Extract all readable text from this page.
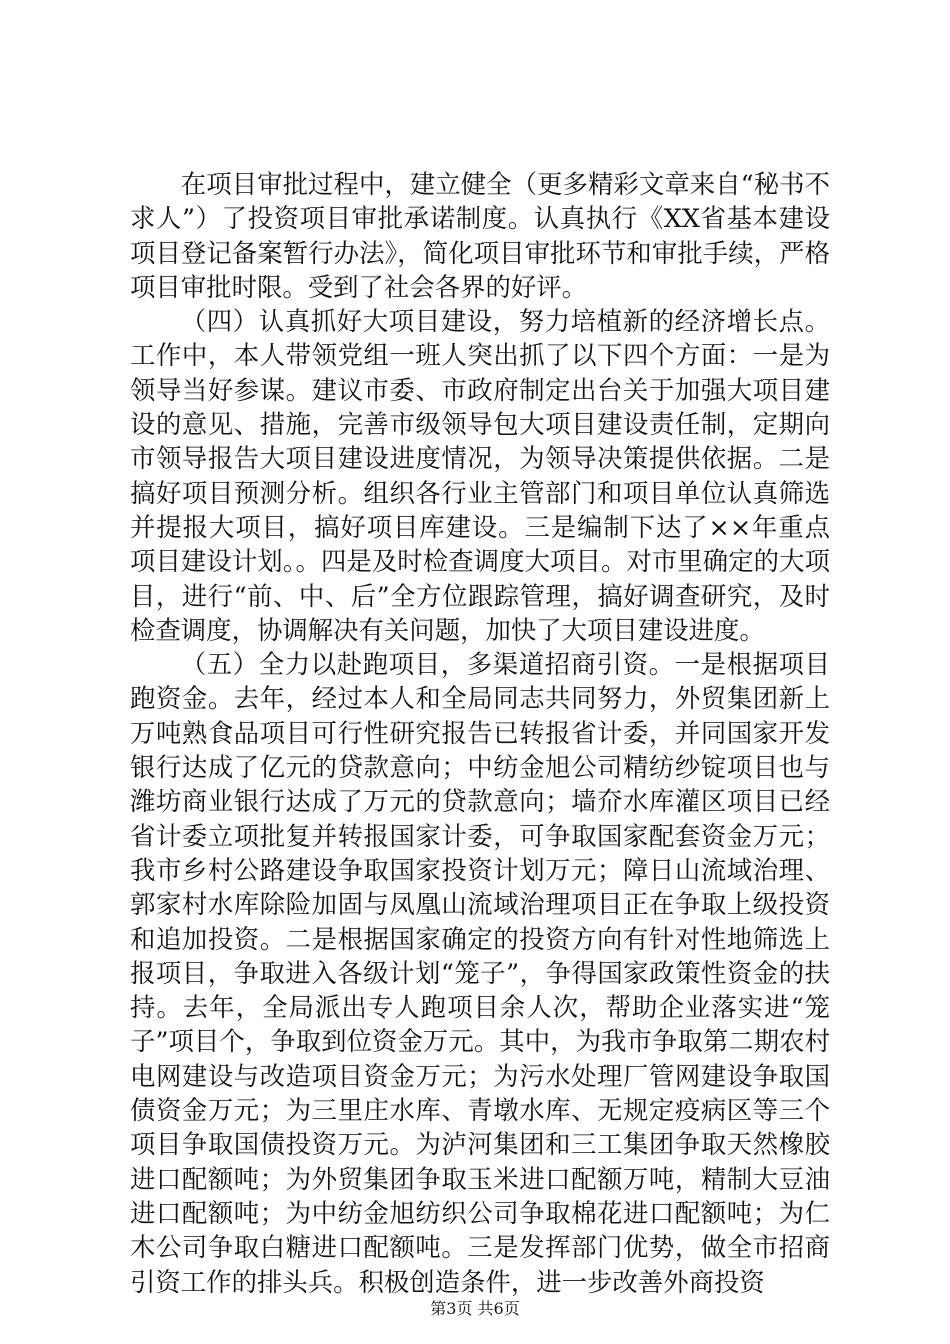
在项目审批过程中，建立健全（更多精彩文章来自“秘书不求人”）了投资项目审批承诺制度。认真执行《XX省基本建设项目登记备案暂行办法》，简化项目审批环节和审批手续，严格项目审批时限。受到了社会各界的好评。

（四）认真抓好大项目建设，努力培植新的经济增长点。工作中，本人带领党组一班人突出抓了以下四个方面：一是为领导当好参谋。建议市委、市政府制定出台关于加强大项目建设的意见、措施，完善市级领导包大项目建设责任制，定期向市领导报告大项目建设进度情况，为领导决策提供依据。二是搞好项目预测分析。组织各行业主管部门和项目单位认真筛选并提报大项目，搞好项目库建设。三是编制下达了××年重点项目建设计划。。四是及时检查调度大项目。对市里确定的大项目，进行“前、中、后”全方位跟踪管理，搞好调查研究，及时检查调度，协调解决有关问题，加快了大项目建设进度。

（五）全力以赴跑项目，多渠道招商引资。一是根据项目跑资金。去年，经过本人和全局同志共同努力，外贸集团新上万吨熟食品项目可行性研究报告已转报省计委，并同国家开发银行达成了亿元的贷款意向；中纺金旭公司精纺纱锭项目也与潍坊商业银行达成了万元的贷款意向；墙夼水库灌区项目已经省计委立项批复并转报国家计委，可争取国家配套资金万元；我市乡村公路建设争取国家投资计划万元；障日山流域治理、郭家村水库除险加固与凤凰山流域治理项目正在争取上级投资和追加投资。二是根据国家确定的投资方向有针对性地筛选上报项目，争取进入各级计划“笼子”，争得国家政策性资金的扶持。去年，全局派出专人跑项目余人次，帮助企业落实进“笼子”项目个，争取到位资金万元。其中，为我市争取第二期农村电网建设与改造项目资金万元；为污水处理厂管网建设争取国债资金万元；为三里庄水库、青墩水库、无规定疫病区等三个项目争取国债投资万元。为泸河集团和三工集团争取天然橡胶进口配额吨；为外贸集团争取玉米进口配额万吨，精制大豆油进口配额吨；为中纺金旭纺织公司争取棉花进口配额吨；为仁木公司争取白糖进口配额吨。三是发挥部门优势，做全市招商引资工作的排头兵。积极创造条件，进一步改善外商投资

第3页 共6页
